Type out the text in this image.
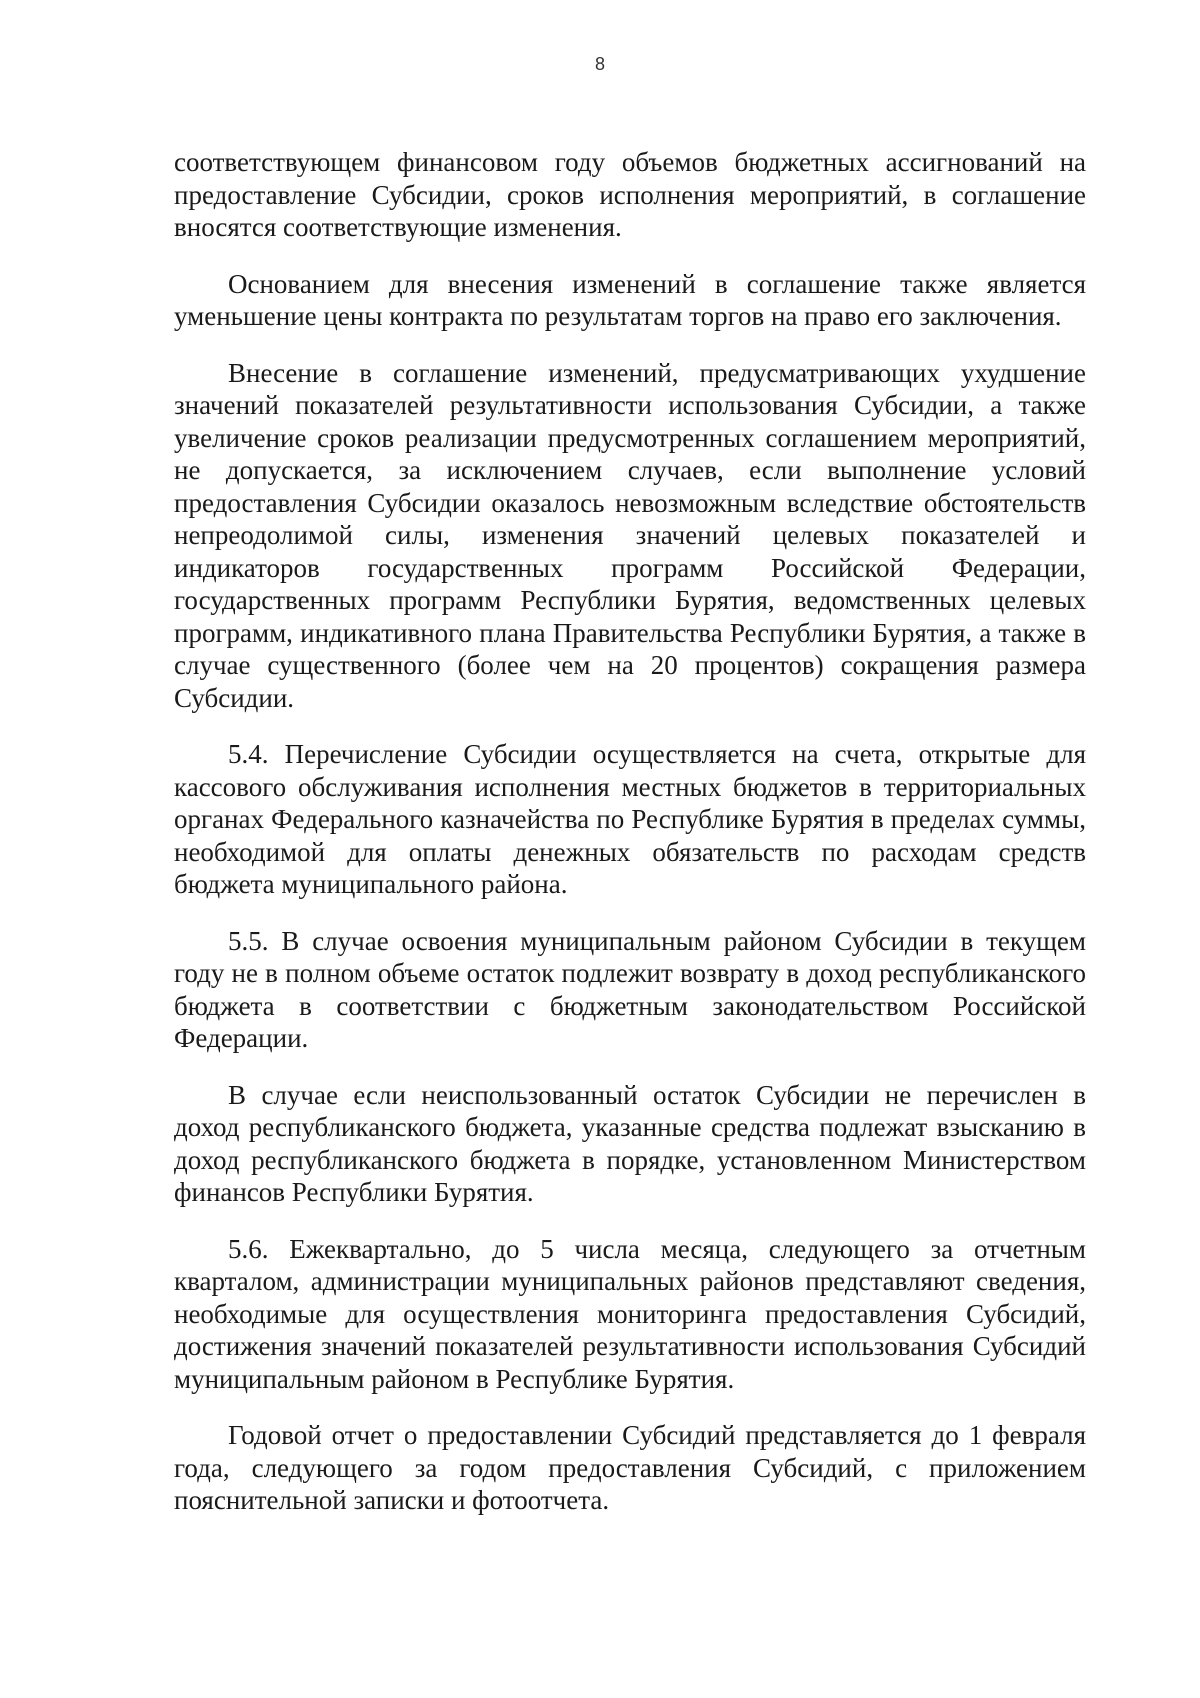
8

соответствующем финансовом году объемов бюджетных ассигнований на предоставление Субсидии, сроков исполнения мероприятий, в соглашение вносятся соответствующие изменения.

Основанием для внесения изменений в соглашение также является уменьшение цены контракта по результатам торгов на право его заключения.

Внесение в соглашение изменений, предусматривающих ухудшение значений показателей результативности использования Субсидии, а также увеличение сроков реализации предусмотренных соглашением мероприятий, не допускается, за исключением случаев, если выполнение условий предоставления Субсидии оказалось невозможным вследствие обстоятельств непреодолимой силы, изменения значений целевых показателей и индикаторов государственных программ Российской Федерации, государственных программ Республики Бурятия, ведомственных целевых программ, индикативного плана Правительства Республики Бурятия, а также в случае существенного (более чем на 20 процентов) сокращения размера Субсидии.

5.4. Перечисление Субсидии осуществляется на счета, открытые для кассового обслуживания исполнения местных бюджетов в территориальных органах Федерального казначейства по Республике Бурятия в пределах суммы, необходимой для оплаты денежных обязательств по расходам средств бюджета муниципального района.

5.5. В случае освоения муниципальным районом Субсидии в текущем году не в полном объеме остаток подлежит возврату в доход республиканского бюджета в соответствии с бюджетным законодательством Российской Федерации.

В случае если неиспользованный остаток Субсидии не перечислен в доход республиканского бюджета, указанные средства подлежат взысканию в доход республиканского бюджета в порядке, установленном Министерством финансов Республики Бурятия.

5.6. Ежеквартально, до 5 числа месяца, следующего за отчетным кварталом, администрации муниципальных районов представляют сведения, необходимые для осуществления мониторинга предоставления Субсидий, достижения значений показателей результативности использования Субсидий муниципальным районом в Республике Бурятия.

Годовой отчет о предоставлении Субсидий представляется до 1 февраля года, следующего за годом предоставления Субсидий, с приложением пояснительной записки и фотоотчета.
